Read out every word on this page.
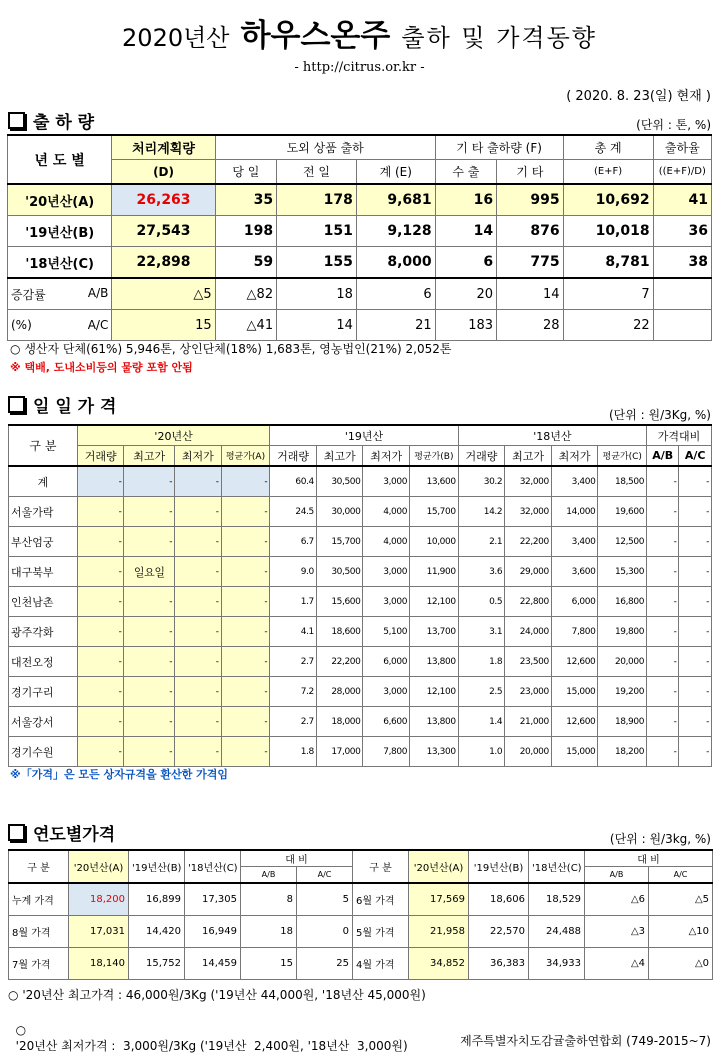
2020년산 하우스온주 출하 및 가격동향
- http://citrus.or.kr -
( 2020. 8. 23(일) 현재 )
출 하 량	(단위 : 톤, %)
년 도 별	처리계획량	도외 상품 출하			기 타 출하량 (F)		총 계	출하율
	(D)	당 일	전 일	계 (E)	수 출	기 타	(E+F)	((E+F)/D)
'20년산(A)	26,263	35	178	9,681	16	995	10,692	41
'19년산(B)	27,543	198	151	9,128	14	876	10,018	36
'18년산(C)	22,898	59	155	8,000	6	775	8,781	38
증감률 A/B	△5	△82	18	6	20	14	7	
(%) A/C	15	△41	14	21	183	28	22	
○ 생산자 단체(61%) 5,946톤, 상인단체(18%) 1,683톤, 영농법인(21%) 2,052톤
※ 택배, 도내소비등의 물량 포함 안됨
일 일 가 격	(단위 : 원/3Kg, %)
구 분	'20년산				'19년산				'18년산				가격대비	
	거래량	최고가	최저가	평균가(A)	거래량	최고가	최저가	평균가(B)	거래량	최고가	최저가	평균가(C)	A/B	A/C
계	-	-	-	-	60.4	30,500	3,000	13,600	30.2	32,000	3,400	18,500	-	-
서울가락	-	-	-	-	24.5	30,000	4,000	15,700	14.2	32,000	14,000	19,600	-	-
부산엄궁	-	-	-	-	6.7	15,700	4,000	10,000	2.1	22,200	3,400	12,500	-	-
대구북부	-	일요일	-	-	9.0	30,500	3,000	11,900	3.6	29,000	3,600	15,300	-	-
인천남촌	-	-	-	-	1.7	15,600	3,000	12,100	0.5	22,800	6,000	16,800	-	-
광주각화	-	-	-	-	4.1	18,600	5,100	13,700	3.1	24,000	7,800	19,800	-	-
대전오정	-	-	-	-	2.7	22,200	6,000	13,800	1.8	23,500	12,600	20,000	-	-
경기구리	-	-	-	-	7.2	28,000	3,000	12,100	2.5	23,000	15,000	19,200	-	-
서울강서	-	-	-	-	2.7	18,000	6,600	13,800	1.4	21,000	12,600	18,900	-	-
경기수원	-	-	-	-	1.8	17,000	7,800	13,300	1.0	20,000	15,000	18,200	-	-
※「가격」은 모든 상자규격을 환산한 가격임
연도별가격	(단위 : 원/3kg, %)
구 분	'20년산(A)	'19년산(B)	'18년산(C)	대 비		구 분	'20년산(A)	'19년산(B)	'18년산(C)	대 비	
				A/B	A/C					A/B	A/C
누계 가격	18,200	16,899	17,305	8	5	6월 가격	17,569	18,606	18,529	△6	△5
8월 가격	17,031	14,420	16,949	18	0	5월 가격	21,958	22,570	24,488	△3	△10
7월 가격	18,140	15,752	14,459	15	25	4월 가격	34,852	36,383	34,933	△4	△0
○ '20년산 최고가격 : 46,000원/3Kg ('19년산 44,000원, '18년산 45,000원)

○
'20년산 최저가격 :  3,000원/3Kg ('19년산  2,400원, '18년산  3,000원)	제주특별자치도감귤출하연합회 (749-2015~7)
